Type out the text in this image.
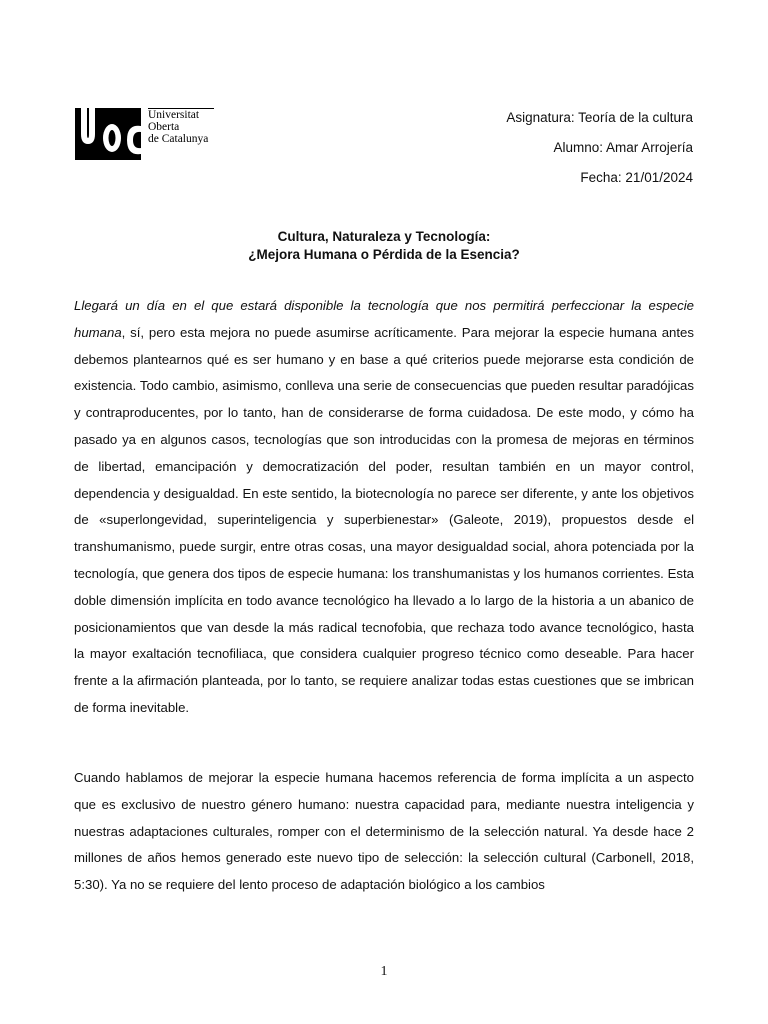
Universitat
Oberta
de Catalunya
Asignatura: Teoría de la cultura
Alumno: Amar Arrojería
Fecha: 21/01/2024
Cultura, Naturaleza y Tecnología:
¿Mejora Humana o Pérdida de la Esencia?
Llegará un día en el que estará disponible la tecnología que nos permitirá perfeccionar la especie humana, sí, pero esta mejora no puede asumirse acríticamente. Para mejorar la especie humana antes debemos plantearnos qué es ser humano y en base a qué criterios puede mejorarse esta condición de existencia. Todo cambio, asimismo, conlleva una serie de consecuencias que pueden resultar paradójicas y contraproducentes, por lo tanto, han de considerarse de forma cuidadosa. De este modo, y cómo ha pasado ya en algunos casos, tecnologías que son introducidas con la promesa de mejoras en términos de libertad, emancipación y democratización del poder, resultan también en un mayor control, dependencia y desigualdad. En este sentido, la biotecnología no parece ser diferente, y ante los objetivos de «superlongevidad, superinteligencia y superbienestar» (Galeote, 2019), propuestos desde el transhumanismo, puede surgir, entre otras cosas, una mayor desigualdad social, ahora potenciada por la tecnología, que genera dos tipos de especie humana: los transhumanistas y los humanos corrientes. Esta doble dimensión implícita en todo avance tecnológico ha llevado a lo largo de la historia a un abanico de posicionamientos que van desde la más radical tecnofobia, que rechaza todo avance tecnológico, hasta la mayor exaltación tecnofiliaca, que considera cualquier progreso técnico como deseable. Para hacer frente a la afirmación planteada, por lo tanto, se requiere analizar todas estas cuestiones que se imbrican de forma inevitable.
Cuando hablamos de mejorar la especie humana hacemos referencia de forma implícita a un aspecto que es exclusivo de nuestro género humano: nuestra capacidad para, mediante nuestra inteligencia y nuestras adaptaciones culturales, romper con el determinismo de la selección natural. Ya desde hace 2 millones de años hemos generado este nuevo tipo de selección: la selección cultural (Carbonell, 2018, 5:30). Ya no se requiere del lento proceso de adaptación biológico a los cambios
1
